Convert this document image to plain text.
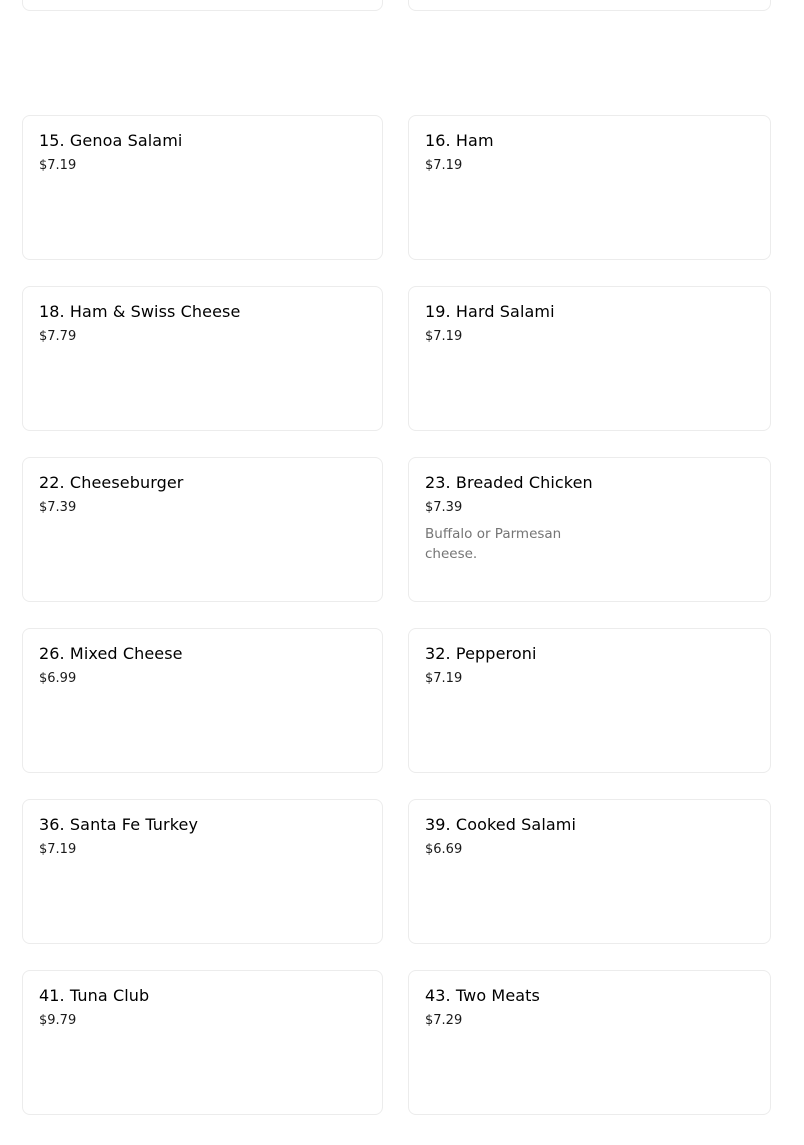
15. Genoa Salami
$7.19
16. Ham
$7.19
18. Ham & Swiss Cheese
$7.79
19. Hard Salami
$7.19
22. Cheeseburger
$7.39
23. Breaded Chicken
$7.39
Buffalo or Parmesan cheese.
26. Mixed Cheese
$6.99
32. Pepperoni
$7.19
36. Santa Fe Turkey
$7.19
39. Cooked Salami
$6.69
41. Tuna Club
$9.79
43. Two Meats
$7.29
